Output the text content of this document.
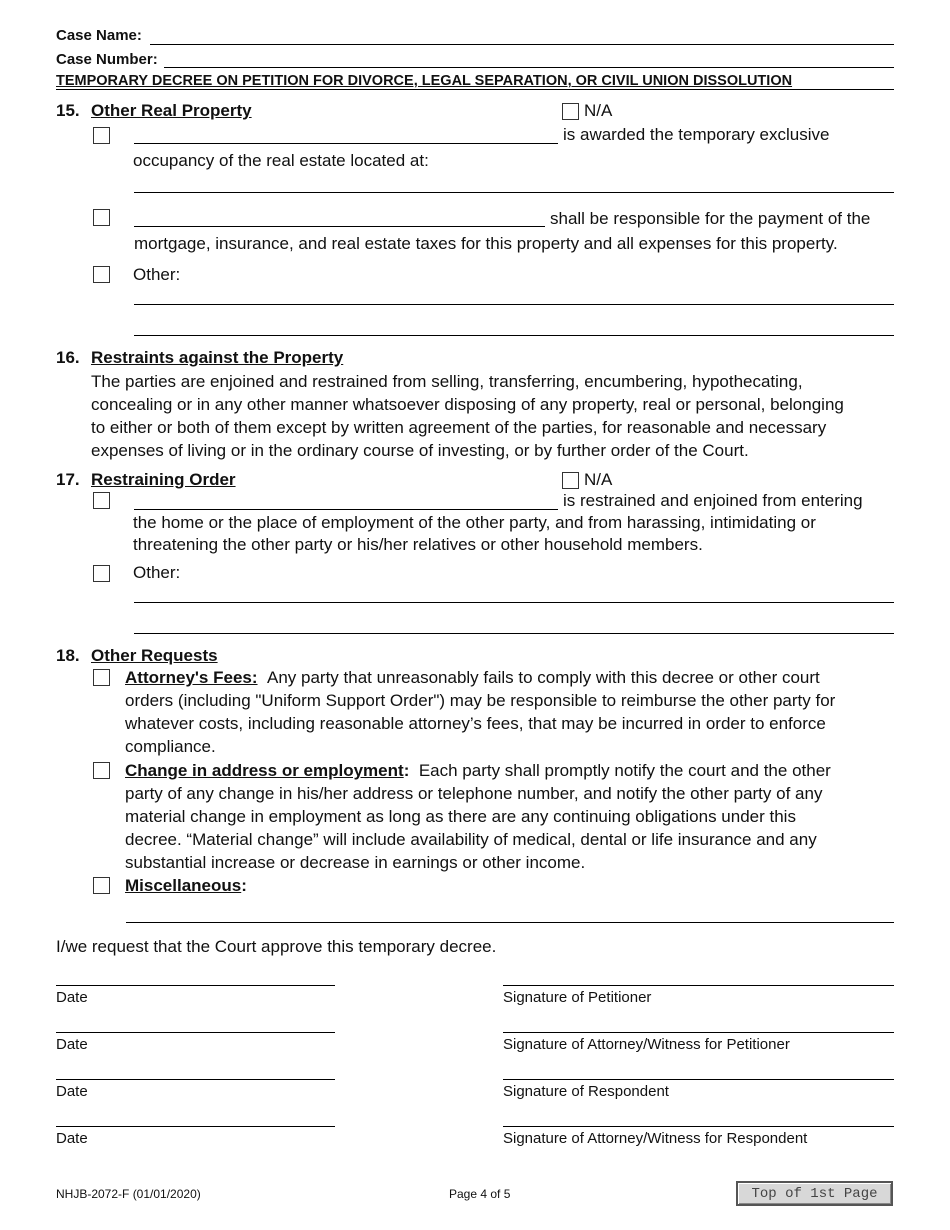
Case Name:
Case Number:
TEMPORARY DECREE ON PETITION FOR DIVORCE, LEGAL SEPARATION, OR CIVIL UNION DISSOLUTION
15. Other Real Property	N/A
is awarded the temporary exclusive
occupancy of the real estate located at:
shall be responsible for the payment of the
mortgage, insurance, and real estate taxes for this property and all expenses for this property.
Other:
16. Restraints against the Property
The parties are enjoined and restrained from selling, transferring, encumbering, hypothecating,
concealing or in any other manner whatsoever disposing of any property, real or personal, belonging
to either or both of them except by written agreement of the parties, for reasonable and necessary
expenses of living or in the ordinary course of investing, or by further order of the Court.
17. Restraining Order	N/A
is restrained and enjoined from entering
the home or the place of employment of the other party, and from harassing, intimidating or
threatening the other party or his/her relatives or other household members.
Other:
18. Other Requests
Attorney's Fees: Any party that unreasonably fails to comply with this decree or other court
orders (including "Uniform Support Order") may be responsible to reimburse the other party for
whatever costs, including reasonable attorney’s fees, that may be incurred in order to enforce
compliance.
Change in address or employment: Each party shall promptly notify the court and the other
party of any change in his/her address or telephone number, and notify the other party of any
material change in employment as long as there are any continuing obligations under this
decree. “Material change” will include availability of medical, dental or life insurance and any
substantial increase or decrease in earnings or other income.
Miscellaneous:
I/we request that the Court approve this temporary decree.
Date	Signature of Petitioner
Date	Signature of Attorney/Witness for Petitioner
Date	Signature of Respondent
Date	Signature of Attorney/Witness for Respondent
NHJB-2072-F (01/01/2020)	Page 4 of 5	Top of 1st Page
